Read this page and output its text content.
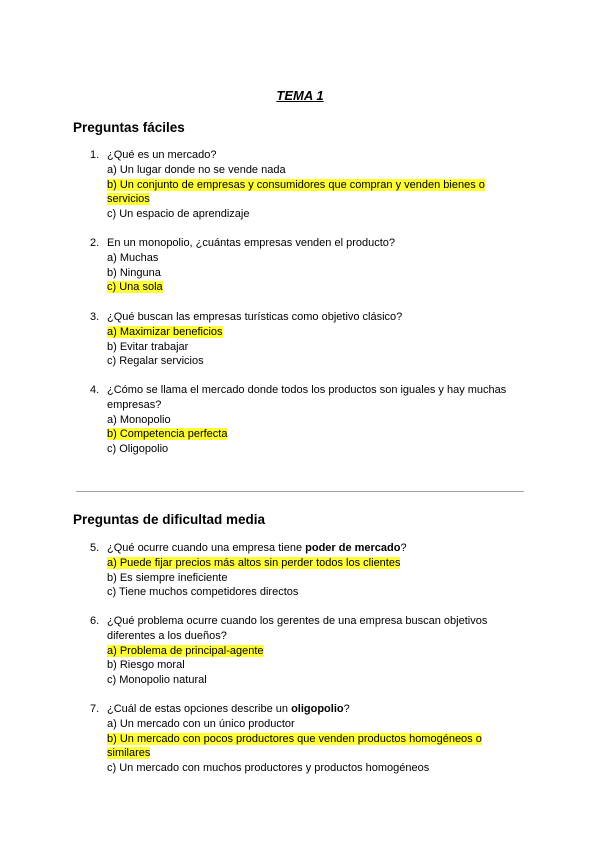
TEMA 1
Preguntas fáciles
1. ¿Qué es un mercado?
a) Un lugar donde no se vende nada
b) Un conjunto de empresas y consumidores que compran y venden bienes o
servicios
c) Un espacio de aprendizaje
2. En un monopolio, ¿cuántas empresas venden el producto?
a) Muchas
b) Ninguna
c) Una sola
3. ¿Qué buscan las empresas turísticas como objetivo clásico?
a) Maximizar beneficios
b) Evitar trabajar
c) Regalar servicios
4. ¿Cómo se llama el mercado donde todos los productos son iguales y hay muchas
empresas?
a) Monopolio
b) Competencia perfecta
c) Oligopolio
Preguntas de dificultad media
5. ¿Qué ocurre cuando una empresa tiene poder de mercado?
a) Puede fijar precios más altos sin perder todos los clientes
b) Es siempre ineficiente
c) Tiene muchos competidores directos
6. ¿Qué problema ocurre cuando los gerentes de una empresa buscan objetivos
diferentes a los dueños?
a) Problema de principal-agente
b) Riesgo moral
c) Monopolio natural
7. ¿Cuál de estas opciones describe un oligopolio?
a) Un mercado con un único productor
b) Un mercado con pocos productores que venden productos homogéneos o
similares
c) Un mercado con muchos productores y productos homogéneos
